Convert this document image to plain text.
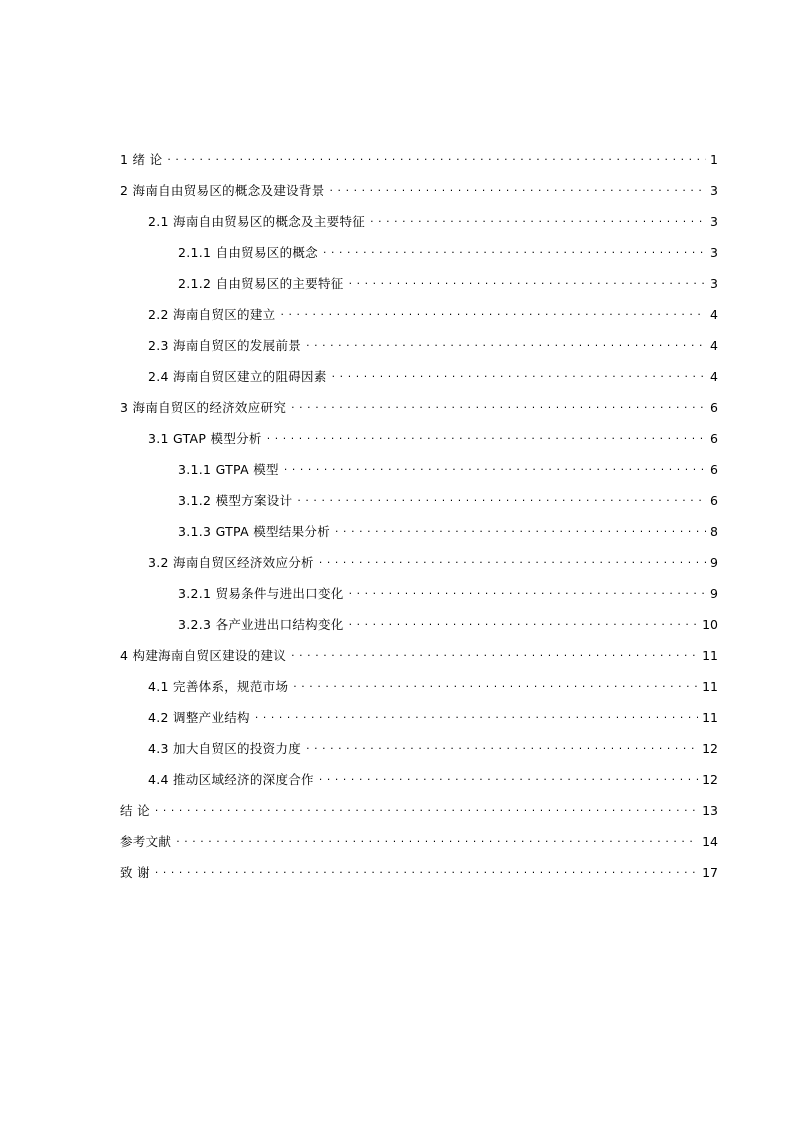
1 绪 论 .....	1
2 海南自由贸易区的概念及建设背景 .....	3
2.1 海南自由贸易区的概念及主要特征 .....	3
2.1.1 自由贸易区的概念 .....	3
2.1.2 自由贸易区的主要特征 .....	3
2.2 海南自贸区的建立 .....	4
2.3 海南自贸区的发展前景 .....	4
2.4 海南自贸区建立的阻碍因素 .....	4
3 海南自贸区的经济效应研究 .....	6
3.1 GTAP 模型分析 .....	6
3.1.1 GTPA 模型 .....	6
3.1.2 模型方案设计 .....	6
3.1.3 GTPA 模型结果分析 .....	8
3.2 海南自贸区经济效应分析 .....	9
3.2.1 贸易条件与进出口变化 .....	9
3.2.3 各产业进出口结构变化 .....	10
4 构建海南自贸区建设的建议 .....	11
4.1 完善体系，规范市场 .....	11
4.2 调整产业结构 .....	11
4.3 加大自贸区的投资力度 .....	12
4.4 推动区域经济的深度合作 .....	12
结 论 .....	13
参考文献 .....	14
致 谢 .....	17
